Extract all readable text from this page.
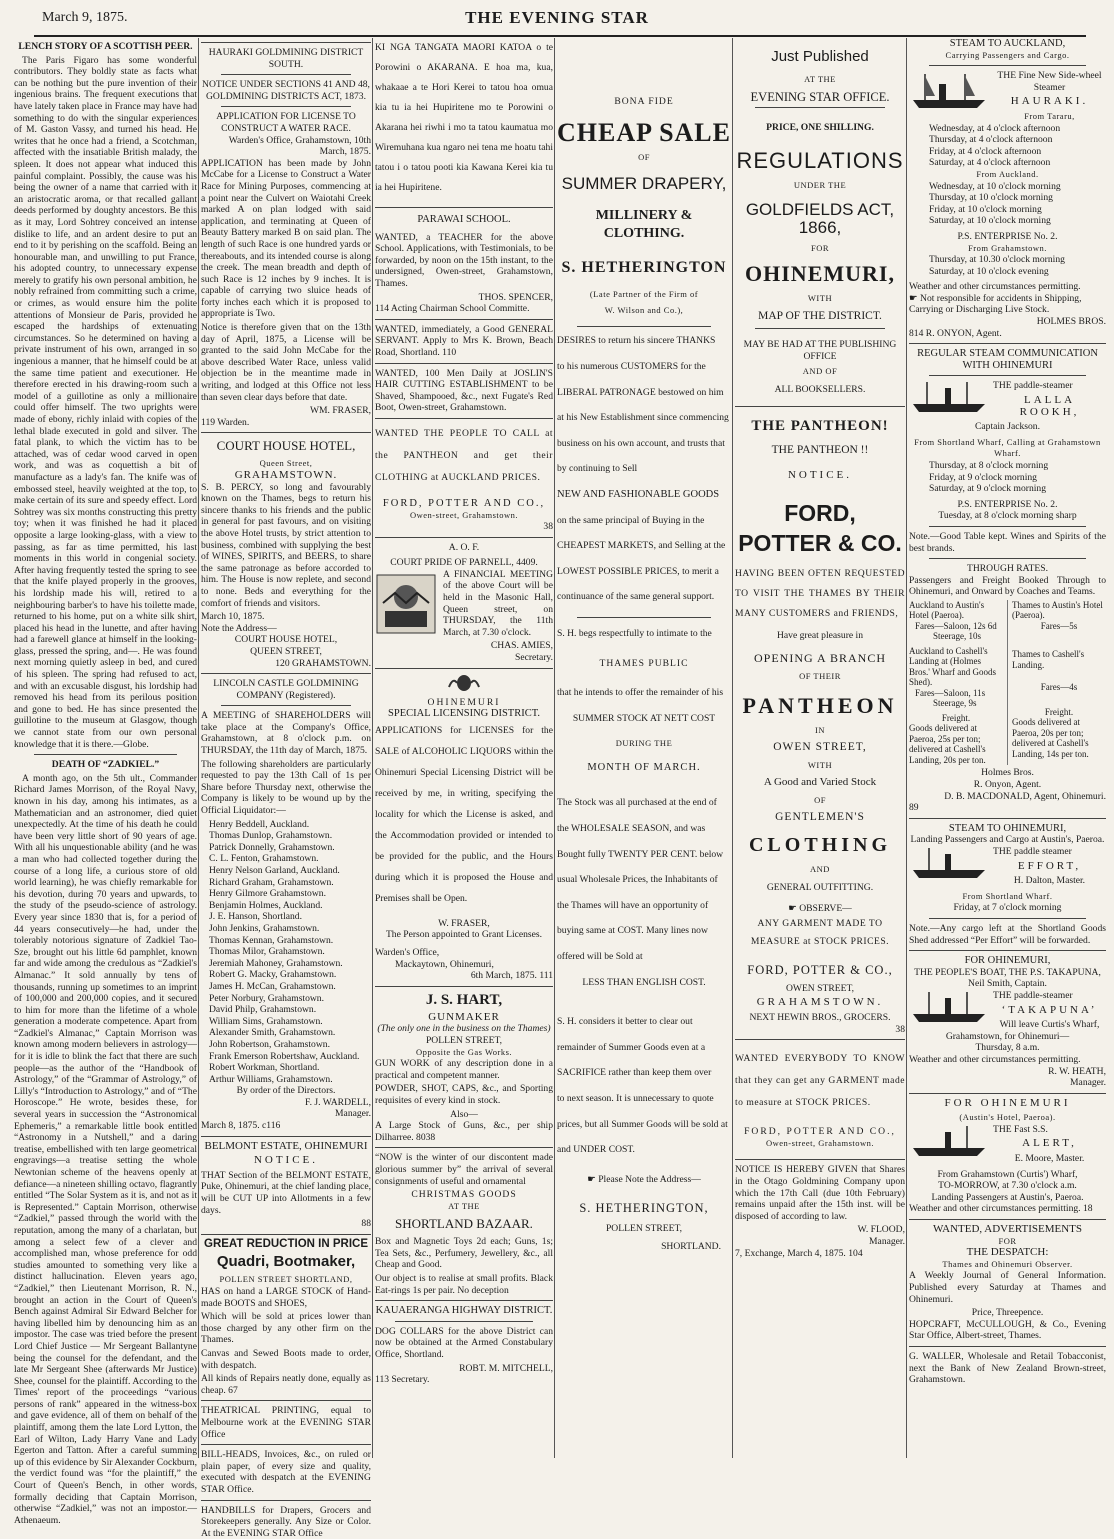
March 9, 1875.	THE EVENING STAR
LENCH STORY OF A SCOTTISH PEER.

The Paris Figaro has some wonderful contributors. They boldly state as facts what can be nothing but the pure invention of their ingenious brains. The frequent executions that have lately taken place in France may have had something to do with the singular experiences of M. Gaston Vassy, and turned his head. He writes that he once had a friend, a Scotchman, affected with the insatiable British malady, the spleen. It does not appear what induced this painful complaint. Possibly, the cause was his being the owner of a name that carried with it an aristocratic aroma, or that recalled gallant deeds performed by doughty ancestors. Be this as it may, Lord Sohtrey conceived an intense dislike to life, and an ardent desire to put an end to it by perishing on the scaffold. Being an honourable man, and unwilling to put France, his adopted country, to unnecessary expense merely to gratify his own personal ambition, he nobly refrained from committing such a crime, or crimes, as would ensure him the polite attentions of Monsieur de Paris, provided he escaped the hardships of extenuating circumstances. So he determined on having a private instrument of his own, arranged in so ingenious a manner, that he himself could be at the same time patient and executioner. He therefore erected in his drawing-room such a model of a guillotine as only a millionaire could offer himself. The two uprights were made of ebony, richly inlaid with copies of the lethal blade executed in gold and silver. The fatal plank, to which the victim has to be attached, was of cedar wood carved in open work, and was as coquettish a bit of manufacture as a lady's fan. The knife was of embossed steel, heavily weighted at the top, to make certain of its sure and speedy effect. Lord Sohtrey was six months constructing this pretty toy; when it was finished he had it placed opposite a large looking-glass, with a view to passing, as far as time permitted, his last moments in this world in congenial society. After having frequently tested the spring to see that the knife played properly in the grooves, his lordship made his will, retired to a neighbouring barber's to have his toilette made, returned to his home, put on a white silk shirt, placed his head in the lunette, and after having had a farewell glance at himself in the looking-glass, pressed the spring, and—. He was found next morning quietly asleep in bed, and cured of his spleen. The spring had refused to act, and with an excusable disgust, his lordship had removed his head from its perilous position and gone to bed. He has since presented the guillotine to the museum at Glasgow, though we cannot state from our own personal knowledge that it is there.—Globe.

DEATH OF “ZADKIEL.”

A month ago, on the 5th ult., Commander Richard James Morrison, of the Royal Navy, known in his day, among his intimates, as a Mathematician and an astronomer, died quiet unexpectedly. At the time of his death he could have been very little short of 90 years of age. With all his unquestionable ability (and he was a man who had collected together during the course of a long life, a curious store of old world learning), he was chiefly remarkable for his devotion, during 70 years and upwards, to the study of the pseudo-science of astrology. Every year since 1830 that is, for a period of 44 years consecutively—he had, under the tolerably notorious signature of Zadkiel Tao-Sze, brought out his little 6d pamphlet, known far and wide among the credulous as “Zadkiel's Almanac.” It sold annually by tens of thousands, running up sometimes to an imprint of 100,000 and 200,000 copies, and it secured to him for more than the lifetime of a whole generation a moderate competence. Apart from “Zadkiel's Almanac,” Captain Morrison was known among modern believers in astrology—for it is idle to blink the fact that there are such people—as the author of the “Handbook of Astrology,” of the “Grammar of Astrology,” of Lilly's “Introduction to Astrology,” and of “The Horoscope.” He wrote, besides these, for several years in succession the “Astronomical Ephemeris,” a remarkable little book entitled “Astronomy in a Nutshell,” and a daring treatise, embellished with ten large geometrical engravings—a treatise setting the whole Newtonian scheme of the heavens openly at defiance—a nineteen shilling octavo, flagrantly entitled “The Solar System as it is, and not as it is Represented.” Captain Morrison, otherwise “Zadkiel,” passed through the world with the reputation, among the many of a charlatan, but among a select few of a clever and accomplished man, whose preference for odd studies amounted to something very like a distinct hallucination. Eleven years ago, “Zadkiel,” then Lieutenant Morrison, R. N., brought an action in the Court of Queen's Bench against Admiral Sir Edward Belcher for having libelled him by denouncing him as an impostor. The case was tried before the present Lord Chief Justice — Mr Sergeant Ballantyne being the counsel for the defendant, and the late Mr Sergeant Shee (afterwards Mr Justice) Shee, counsel for the plaintiff. According to the Times' report of the proceedings “various persons of rank” appeared in the witness-box and gave evidence, all of them on behalf of the plaintiff, among them the late Lord Lytton, the Earl of Wilton, Lady Harry Vane and Lady Egerton and Tatton. After a careful summing up of this evidence by Sir Alexander Cockburn, the verdict found was “for the plaintiff,” the Court of Queen's Bench, in other words, formally deciding that Captain Morrison, otherwise “Zadkiel,” was not an impostor.—Athenaeum.

HAURAKI GOLDMINING DISTRICT SOUTH.
NOTICE UNDER SECTIONS 41 AND 48, GOLDMINING DISTRICTS ACT, 1873.
APPLICATION FOR LICENSE TO CONSTRUCT A WATER RACE.
Warden's Office, Grahamstown, 10th March, 1875.

APPLICATION has been made by John McCabe for a License to Construct a Water Race for Mining Purposes, commencing at a point near the Culvert on Waiotahi Creek marked A on plan lodged with said application, and terminating at Queen of Beauty Battery marked B on said plan. The length of such Race is one hundred yards or thereabouts, and its intended course is along the creek. The mean breadth and depth of such Race is 12 inches by 9 inches. It is capable of carrying two sluice heads of forty inches each which it is proposed to appropriate is Two.

Notice is therefore given that on the 13th day of April, 1875, a License will be granted to the said John McCabe for the above described Water Race, unless valid objection be in the meantime made in writing, and lodged at this Office not less than seven clear days before that date.

WM. FRASER,
119 Warden.
COURT HOUSE HOTEL,
Queen Street,
GRAHAMSTOWN.

S. B. PERCY, so long and favourably known on the Thames, begs to return his sincere thanks to his friends and the public in general for past favours, and on visiting the above Hotel trusts, by strict attention to business, combined with supplying the best of WINES, SPIRITS, and BEERS, to share the same patronage as before accorded to him. The House is now replete, and second to none. Beds and everything for the comfort of friends and visitors.

March 10, 1875.
Note the Address—
COURT HOUSE HOTEL,
QUEEN STREET,
120 GRAHAMSTOWN.
LINCOLN CASTLE GOLDMINING COMPANY (Registered).

A MEETING of SHAREHOLDERS will take place at the Company's Office, Grahamstown, at 8 o'clock p.m. on THURSDAY, the 11th day of March, 1875.

The following shareholders are particularly requested to pay the 13th Call of 1s per Share before Thursday next, otherwise the Company is likely to be wound up by the Official Liquidator:—

Henry Beddell, Auckland.

Thomas Dunlop, Grahamstown.

Patrick Donnelly, Grahamstown.

C. L. Fenton, Grahamstown.

Henry Nelson Garland, Auckland.

Richard Graham, Grahamstown.

Henry Gilmore Grahamstown.

Benjamin Holmes, Auckland.

J. E. Hanson, Shortland.

John Jenkins, Grahamstown.

Thomas Kennan, Grahamstown.

Thomas Milor, Grahamstown.

Jeremiah Mahoney, Grahamstown.

Robert G. Macky, Grahamstown.

James H. McCan, Grahamstown.

Peter Norbury, Grahamstown.

David Philp, Grahamstown.

William Sims, Grahamstown.

Alexander Smith, Grahamstown.

John Robertson, Grahamstown.

Frank Emerson Robertshaw, Auckland.

Robert Workman, Shortland.

Arthur Williams, Grahamstown.

By order of the Directors.
F. J. WARDELL,
Manager.
March 8, 1875. c116
BELMONT ESTATE, OHINEMURI
NOTICE.

THAT Section of the BELMONT ESTATE, Puke, Ohinemuri, at the chief landing place, will be CUT UP into Allotments in a few days.

88
GREAT REDUCTION IN PRICE
Quadri, Bootmaker,
POLLEN STREET SHORTLAND,

HAS on hand a LARGE STOCK of Hand-made BOOTS and SHOES,

Which will be sold at prices lower than those charged by any other firm on the Thames.

Canvas and Sewed Boots made to order, with despatch.

All kinds of Repairs neatly done, equally as cheap. 67

THEATRICAL PRINTING, equal to Melbourne work at the EVENING STAR Office

BILL-HEADS, Invoices, &c., on ruled or plain paper, of every size and quality, executed with despatch at the EVENING STAR Office.

HANDBILLS for Drapers, Grocers and Storekeepers generally. Any Size or Color. At the EVENING STAR Office

KI NGA TANGATA MAORI KATOA o te Porowini o AKARANA. E hoa ma, kua, whakaae a te Hori Kerei to tatou hoa omua kia tu ia hei Hupiritene mo te Porowini o Akarana hei riwhi i mo ta tatou kaumatua mo Wiremuhana kua ngaro nei tena me hoatu tahi tatou i o tatou pooti kia Kawana Kerei kia tu ia hei Hupiritene.

PARAWAI SCHOOL.

WANTED, a TEACHER for the above School. Applications, with Testimonials, to be forwarded, by noon on the 15th instant, to the undersigned, Owen-street, Grahamstown, Thames.

THOS. SPENCER,
114 Acting Chairman School Committe.

WANTED, immediately, a Good GENERAL SERVANT. Apply to Mrs K. Brown, Beach Road, Shortland. 110

WANTED, 100 Men Daily at JOSLIN'S HAIR CUTTING ESTABLISHMENT to be Shaved, Shampooed, &c., next Fugate's Red Boot, Owen-street, Grahamstown.

WANTED THE PEOPLE TO CALL at the PANTHEON and get their CLOTHING at AUCKLAND PRICES.

FORD, POTTER AND CO.,
Owen-street, Grahamstown.
38
A. O. F.
COURT PRIDE OF PARNELL, 4409.

A FINANCIAL MEETING of the above Court will be held in the Masonic Hall, Queen street, on THURSDAY, the 11th March, at 7.30 o'clock.

CHAS. AMIES,
Secretary.
OHINEMURI
SPECIAL LICENSING DISTRICT.

APPLICATIONS for LICENSES for the SALE of ALCOHOLIC LIQUORS within the Ohinemuri Special Licensing District will be received by me, in writing, specifying the locality for which the License is asked, and the Accommodation provided or intended to be provided for the public, and the Hours during which it is proposed the House and Premises shall be Open.

W. FRASER,
The Person appointed to Grant Licenses.
Warden's Office,
Mackaytown, Ohinemuri,
6th March, 1875. 111
J. S. HART,
GUNMAKER
(The only one in the business on the Thames)
POLLEN STREET,
Opposite the Gas Works.

GUN WORK of any description done in a practical and competent manner.

POWDER, SHOT, CAPS, &c., and Sporting requisites of every kind in stock.

Also—

A Large Stock of Guns, &c., per ship Dilharree. 8038

“NOW is the winter of our discontent made glorious summer by” the arrival of several consignments of useful and ornamental

CHRISTMAS GOODS
AT THE
SHORTLAND BAZAAR.

Box and Magnetic Toys 2d each; Guns, 1s; Tea Sets, &c., Perfumery, Jewellery, &c., all Cheap and Good.

Our object is to realise at small profits. Black Eat-rings 1s per pair. No deception

KAUAERANGA HIGHWAY DISTRICT.

DOG COLLARS for the above District can now be obtained at the Armed Constabulary Office, Shortland.

ROBT. M. MITCHELL,
113 Secretary.
BONA FIDE
CHEAP SALE
OF
SUMMER DRAPERY,
MILLINERY & CLOTHING.
S. HETHERINGTON
(Late Partner of the Firm of
W. Wilson and Co.),

DESIRES to return his sincere THANKS

to his numerous CUSTOMERS for the

LIBERAL PATRONAGE bestowed on him

at his New Establishment since commencing

business on his own account, and trusts that

by continuing to Sell

NEW AND FASHIONABLE GOODS

on the same principal of Buying in the

CHEAPEST MARKETS, and Selling at the

LOWEST POSSIBLE PRICES, to merit a

continuance of the same general support.

S. H. begs respectfully to intimate to the

THAMES PUBLIC

that he intends to offer the remainder of his

SUMMER STOCK AT NETT COST

DURING THE
MONTH OF MARCH.

The Stock was all purchased at the end of

the WHOLESALE SEASON, and was

Bought fully TWENTY PER CENT. below

usual Wholesale Prices, the Inhabitants of

the Thames will have an opportunity of

buying same at COST. Many lines now

offered will be Sold at

LESS THAN ENGLISH COST.

S. H. considers it better to clear out

remainder of Summer Goods even at a

SACRIFICE rather than keep them over

to next season. It is unnecessary to quote

prices, but all Summer Goods will be sold at

and UNDER COST.

☛ Please Note the Address—
S. HETHERINGTON,
POLLEN STREET,
SHORTLAND.
Just Published
AT THE
EVENING STAR OFFICE.
PRICE, ONE SHILLING.
REGULATIONS
UNDER THE
GOLDFIELDS ACT, 1866,
FOR
OHINEMURI,
WITH
MAP OF THE DISTRICT.
MAY BE HAD AT THE PUBLISHING OFFICE
AND OF
ALL BOOKSELLERS.
THE PANTHEON!
THE PANTHEON !!
NOTICE.
FORD, POTTER & CO.

HAVING BEEN OFTEN REQUESTED TO VISIT THE THAMES BY THEIR MANY CUSTOMERS and FRIENDS,

Have great pleasure in
OPENING A BRANCH
OF THEIR
PANTHEON
IN
OWEN STREET,
WITH
A Good and Varied Stock
OF
GENTLEMEN'S
CLOTHING
AND
GENERAL OUTFITTING.
☛ OBSERVE—

ANY GARMENT MADE TO MEASURE at STOCK PRICES.

FORD, POTTER & CO.,
OWEN STREET,
GRAHAMSTOWN.
NEXT HEWIN BROS., GROCERS.
38

WANTED EVERYBODY TO KNOW that they can get any GARMENT made to measure at STOCK PRICES.

FORD, POTTER AND CO.,
Owen-street, Grahamstown.

NOTICE IS HEREBY GIVEN that Shares in the Otago Goldmining Company upon which the 17th Call (due 10th February) remains unpaid after the 15th inst. will be disposed of according to law.

W. FLOOD,
Manager.
7, Exchange, March 4, 1875. 104
STEAM TO AUCKLAND,
Carrying Passengers and Cargo.
THE Fine New Side-wheel Steamer
HAURAKI.
From Tararu,

Wednesday, at 4 o'clock afternoon

Thursday, at 4 o'clock afternoon

Friday, at 4 o'clock afternoon

Saturday, at 4 o'clock afternoon

From Auckland.

Wednesday, at 10 o'clock morning

Thursday, at 10 o'clock morning

Friday, at 10 o'clock morning

Saturday, at 10 o'clock morning

P.S. ENTERPRISE No. 2.
From Grahamstown.

Thursday, at 10.30 o'clock morning

Saturday, at 10 o'clock evening

Weather and other circumstances permitting.
☛ Not responsible for accidents in Shipping, Carrying or Discharging Live Stock.
HOLMES BROS.
814 R. ONYON, Agent.
REGULAR STEAM COMMUNICATION WITH OHINEMURI
THE paddle-steamer
LALLA ROOKH,
Captain Jackson.
From Shortland Wharf, Calling at Grahamstown Wharf.

Thursday, at 8 o'clock morning

Friday, at 9 o'clock morning

Saturday, at 9 o'clock morning

P.S. ENTERPRISE No. 2.
Tuesday, at 8 o'clock morning sharp

Note.—Good Table kept. Wines and Spirits of the best brands.

THROUGH RATES.

Passengers and Freight Booked Through to Ohinemuri, and Onward by Coaches and Teams.

Auckland to Austin's Hotel (Paeroa).
Fares—Saloon, 12s 6d
Steerage, 10s
Auckland to Cashell's Landing at (Holmes Bros.' Wharf and Goods Shed).
Fares—Saloon, 11s
Steerage, 9s
Freight.
Goods delivered at Paeroa, 25s per ton; delivered at Cashell's Landing, 20s per ton.
Thames to Austin's Hotel (Paeroa).
Fares—5s
Thames to Cashell's Landing.
Fares—4s
Freight.
Goods delivered at Paeroa, 20s per ton; delivered at Cashell's Landing, 14s per ton.
Holmes Bros.
R. Onyon, Agent.
D. B. MACDONALD, Agent, Ohinemuri.
89
STEAM TO OHINEMURI,
Landing Passengers and Cargo at Austin's, Paeroa.
THE paddle steamer
EFFORT,
H. Dalton, Master.
From Shortland Wharf.
Friday, at 7 o'clock morning

Note.—Any cargo left at the Shortland Goods Shed addressed “Per Effort” will be forwarded.

FOR OHINEMURI,
THE PEOPLE'S BOAT, THE P.S. TAKAPUNA,
Neil Smith, Captain.
THE paddle-steamer
‘TAKAPUNA’
Will leave Curtis's Wharf, Grahamstown, for Ohinemuri—
Thursday, 8 a.m.
Weather and other circumstances permitting.
R. W. HEATH,
Manager.
FOR OHINEMURI
(Austin's Hotel, Paeroa).
THE Fast S.S.
ALERT,
E. Moore, Master.
From Grahamstown (Curtis') Wharf,
TO-MORROW, at 7.30 o'clock a.m.
Landing Passengers at Austin's, Paeroa.
Weather and other circumstances permitting. 18
WANTED, ADVERTISEMENTS
FOR
THE DESPATCH:
Thames and Ohinemuri Observer.

A Weekly Journal of General Information. Published every Saturday at Thames and Ohinemuri.

Price, Threepence.

HOPCRAFT, McCULLOUGH, & Co., Evening Star Office, Albert-street, Thames.

G. WALLER, Wholesale and Retail Tobacconist, next the Bank of New Zealand Brown-street, Grahamstown.
